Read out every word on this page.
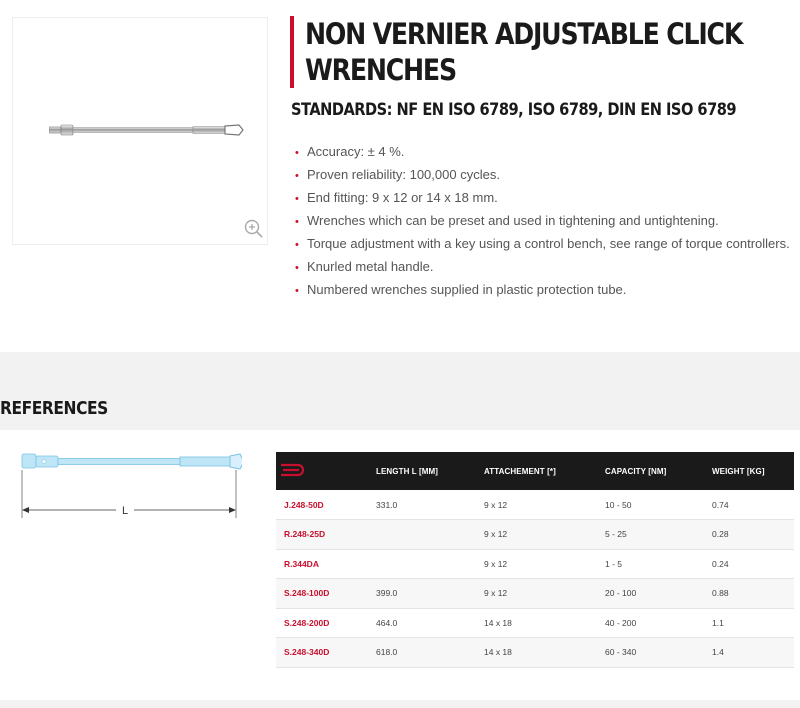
NON VERNIER ADJUSTABLE CLICK WRENCHES
STANDARDS: NF EN ISO 6789, ISO 6789, DIN EN ISO 6789
• Accuracy: ± 4 %.
• Proven reliability: 100,000 cycles.
• End fitting: 9 x 12 or 14 x 18 mm.
• Wrenches which can be preset and used in tightening and untightening.
• Torque adjustment with a key using a control bench, see range of torque controllers.
• Knurled metal handle.
• Numbered wrenches supplied in plastic protection tube.
REFERENCES
L
	LENGTH L [MM]	ATTACHEMENT [*]	CAPACITY [NM]	WEIGHT [KG]
J.248-50D	331.0	9 x 12	10 - 50	0.74
R.248-25D		9 x 12	5 - 25	0.28
R.344DA		9 x 12	1 - 5	0.24
S.248-100D	399.0	9 x 12	20 - 100	0.88
S.248-200D	464.0	14 x 18	40 - 200	1.1
S.248-340D	618.0	14 x 18	60 - 340	1.4
